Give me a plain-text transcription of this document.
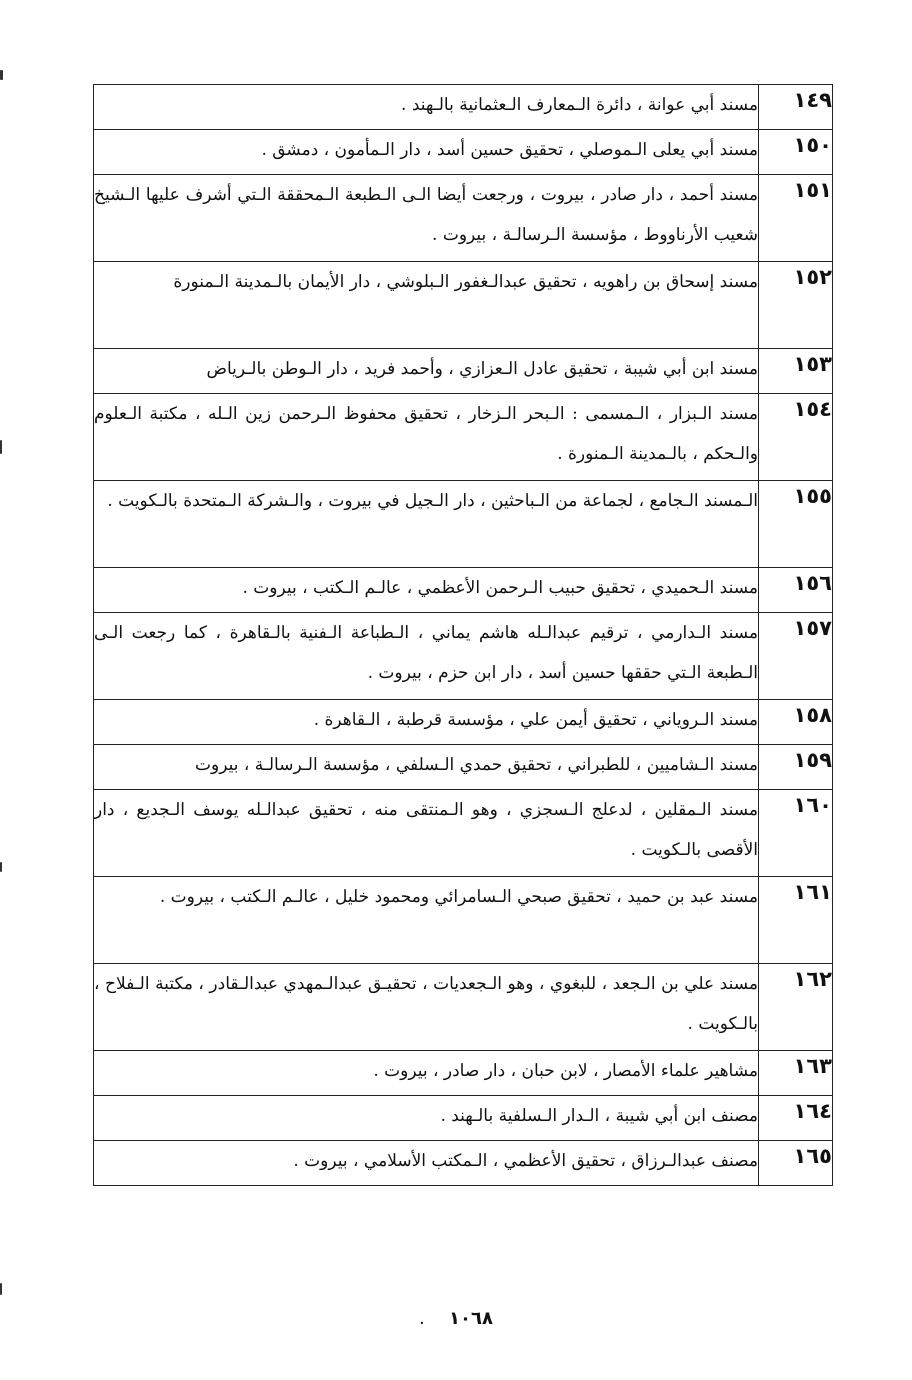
١٤٩	مسند أبي عوانة ، دائرة الـمعارف الـعثمانية بالـهند .
١٥٠	مسند أبي يعلى الـموصلي ، تحقيق حسين أسد ، دار الـمأمون ، دمشق .
١٥١	مسند أحمد ، دار صادر ، بيروت ، ورجعت أيضا الـى الـطبعة الـمحققة الـتي أشرف عليها الـشيخ شعيب الأرناووط ، مؤسسة الـرسالـة ، بيروت .
١٥٢	مسند إسحاق بن راهويه ، تحقيق عبدالـغفور الـبلوشي ، دار الأيمان بالـمدينة الـمنورة
١٥٣	مسند ابن أبي شيبة ، تحقيق عادل الـعزازي ، وأحمد فريد ، دار الـوطن بالـرياض
١٥٤	مسند الـبزار ، الـمسمى : الـبحر الـزخار ، تحقيق محفوظ الـرحمن زين الـله ، مكتبة الـعلوم والـحكم ، بالـمدينة الـمنورة .
١٥٥	الـمسند الـجامع ، لجماعة من الـباحثين ، دار الـجيل في بيروت ، والـشركة الـمتحدة بالـكويت .
١٥٦	مسند الـحميدي ، تحقيق حبيب الـرحمن الأعظمي ، عالـم الـكتب ، بيروت .
١٥٧	مسند الـدارمي ، ترقيم عبدالـله هاشم يماني ، الـطباعة الـفنية بالـقاهرة ، كما رجعت الـى الـطبعة الـتي حققها حسين أسد ، دار ابن حزم ، بيروت .
١٥٨	مسند الـروياني ، تحقيق أيمن علي ، مؤسسة قرطبة ، الـقاهرة .
١٥٩	مسند الـشاميين ، للطبراني ، تحقيق حمدي الـسلفي ، مؤسسة الـرسالـة ، بيروت
١٦٠	مسند الـمقلين ، لدعلج الـسجزي ، وهو الـمنتقى منه ، تحقيق عبدالـله يوسف الـجديع ، دار الأقصى بالـكويت .
١٦١	مسند عبد بن حميد ، تحقيق صبحي الـسامرائي ومحمود خليل ، عالـم الـكتب ، بيروت .
١٦٢	مسند علي بن الـجعد ، للبغوي ، وهو الـجعديات ، تحقيـق عبدالـمهدي عبدالـقادر ، مكتبة الـفلاح ، بالـكويت .
١٦٣	مشاهير علماء الأمصار ، لابن حبان ، دار صادر ، بيروت .
١٦٤	مصنف ابن أبي شيبة ، الـدار الـسلفية بالـهند .
١٦٥	مصنف عبدالـرزاق ، تحقيق الأعظمي ، الـمكتب الأسلامي ، بيروت .
١٠٦٨ .
